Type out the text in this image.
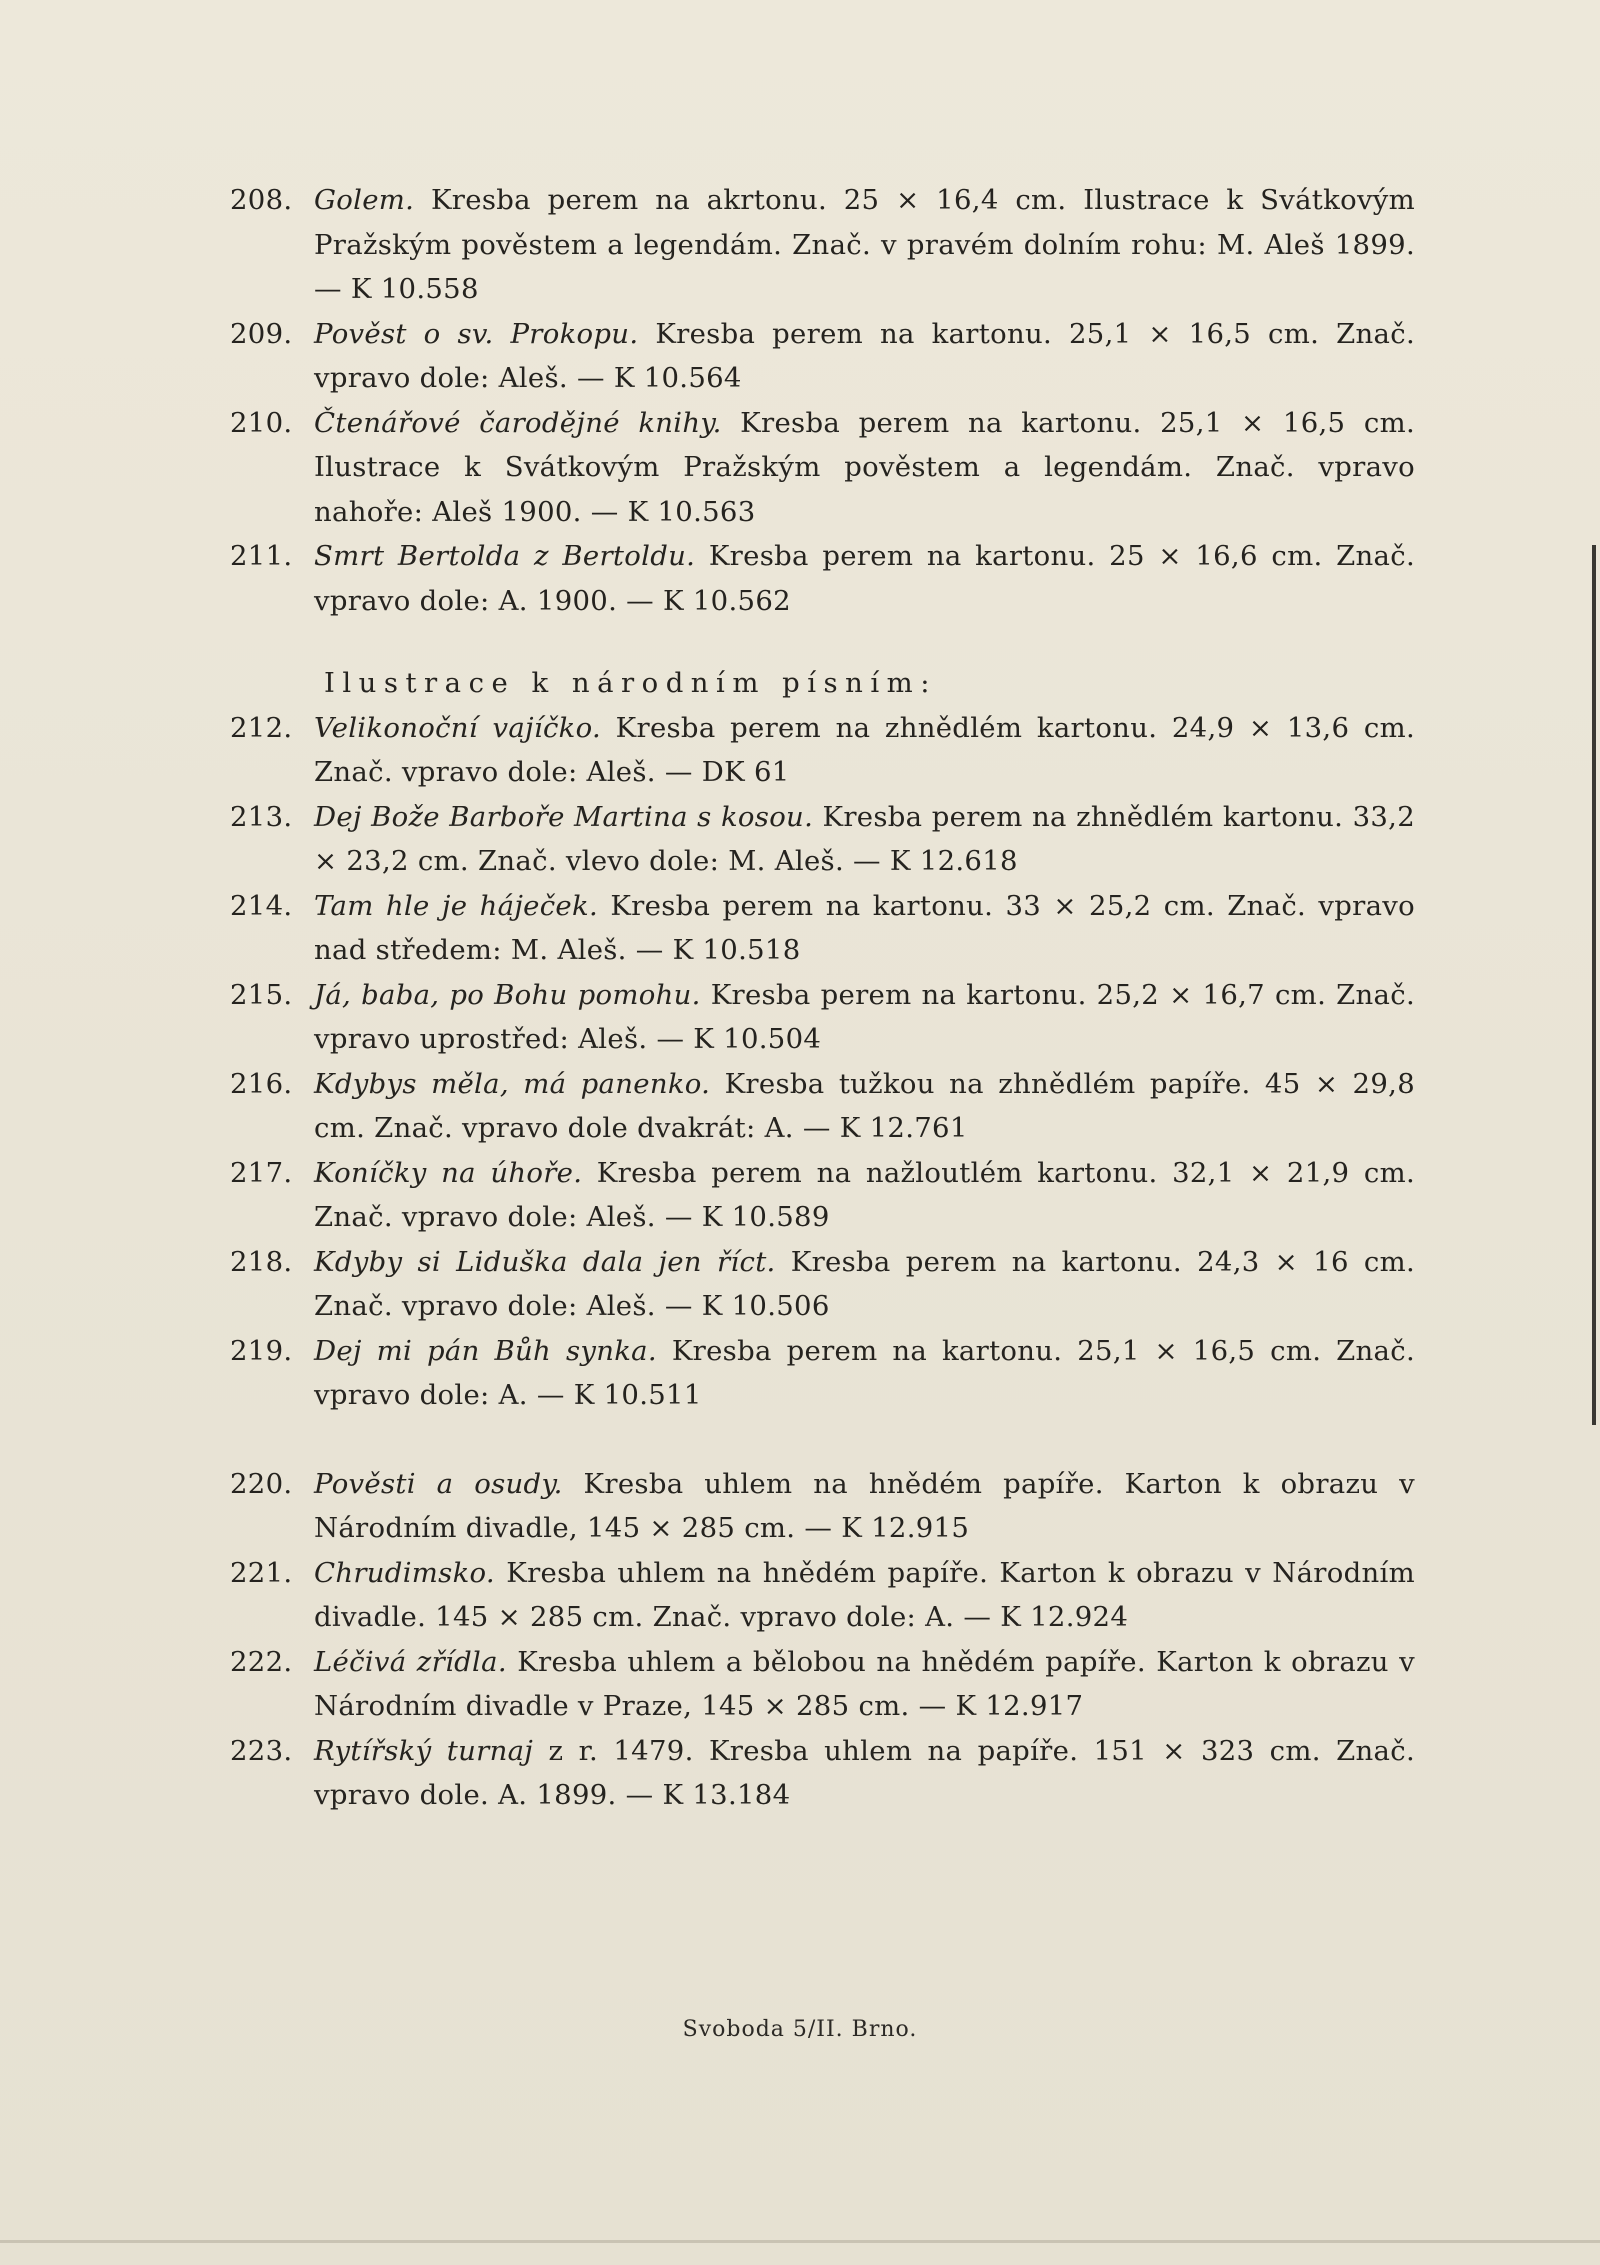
208. Golem. Kresba perem na akrtonu. 25 × 16,4 cm. Ilustrace k Svátkovým Pražským pověstem a legendám. Znač. v pravém dolním rohu: M. Aleš 1899. — K 10.558
209. Pověst o sv. Prokopu. Kresba perem na kartonu. 25,1 × 16,5 cm. Znač. vpravo dole: Aleš. — K 10.564
210. Čtenářové čarodějné knihy. Kresba perem na kartonu. 25,1 × 16,5 cm. Ilustrace k Svátkovým Pražským pověstem a legendám. Znač. vpravo nahoře: Aleš 1900. — K 10.563
211. Smrt Bertolda z Bertoldu. Kresba perem na kartonu. 25 × 16,6 cm. Znač. vpravo dole: A. 1900. — K 10.562
Ilustrace k národním písním:
212. Velikonoční vajíčko. Kresba perem na zhnědlém kartonu. 24,9 × 13,6 cm. Znač. vpravo dole: Aleš. — DK 61
213. Dej Bože Barboře Martina s kosou. Kresba perem na zhnědlém kartonu. 33,2 × 23,2 cm. Znač. vlevo dole: M. Aleš. — K 12.618
214. Tam hle je háječek. Kresba perem na kartonu. 33 × 25,2 cm. Znač. vpravo nad středem: M. Aleš. — K 10.518
215. Já, baba, po Bohu pomohu. Kresba perem na kartonu. 25,2 × 16,7 cm. Znač. vpravo uprostřed: Aleš. — K 10.504
216. Kdybys měla, má panenko. Kresba tužkou na zhnědlém papíře. 45 × 29,8 cm. Znač. vpravo dole dvakrát: A. — K 12.761
217. Koníčky na úhoře. Kresba perem na nažloutlém kartonu. 32,1 × 21,9 cm. Znač. vpravo dole: Aleš. — K 10.589
218. Kdyby si Liduška dala jen říct. Kresba perem na kartonu. 24,3 × 16 cm. Znač. vpravo dole: Aleš. — K 10.506
219. Dej mi pán Bůh synka. Kresba perem na kartonu. 25,1 × 16,5 cm. Znač. vpravo dole: A. — K 10.511
220. Pověsti a osudy. Kresba uhlem na hnědém papíře. Karton k obrazu v Národním divadle, 145 × 285 cm. — K 12.915
221. Chrudimsko. Kresba uhlem na hnědém papíře. Karton k obrazu v Národním divadle. 145 × 285 cm. Znač. vpravo dole: A. — K 12.924
222. Léčivá zřídla. Kresba uhlem a bělobou na hnědém papíře. Karton k obrazu v Národním divadle v Praze, 145 × 285 cm. — K 12.917
223. Rytířský turnaj z r. 1479. Kresba uhlem na papíře. 151 × 323 cm. Znač. vpravo dole. A. 1899. — K 13.184
Svoboda 5/II. Brno.
